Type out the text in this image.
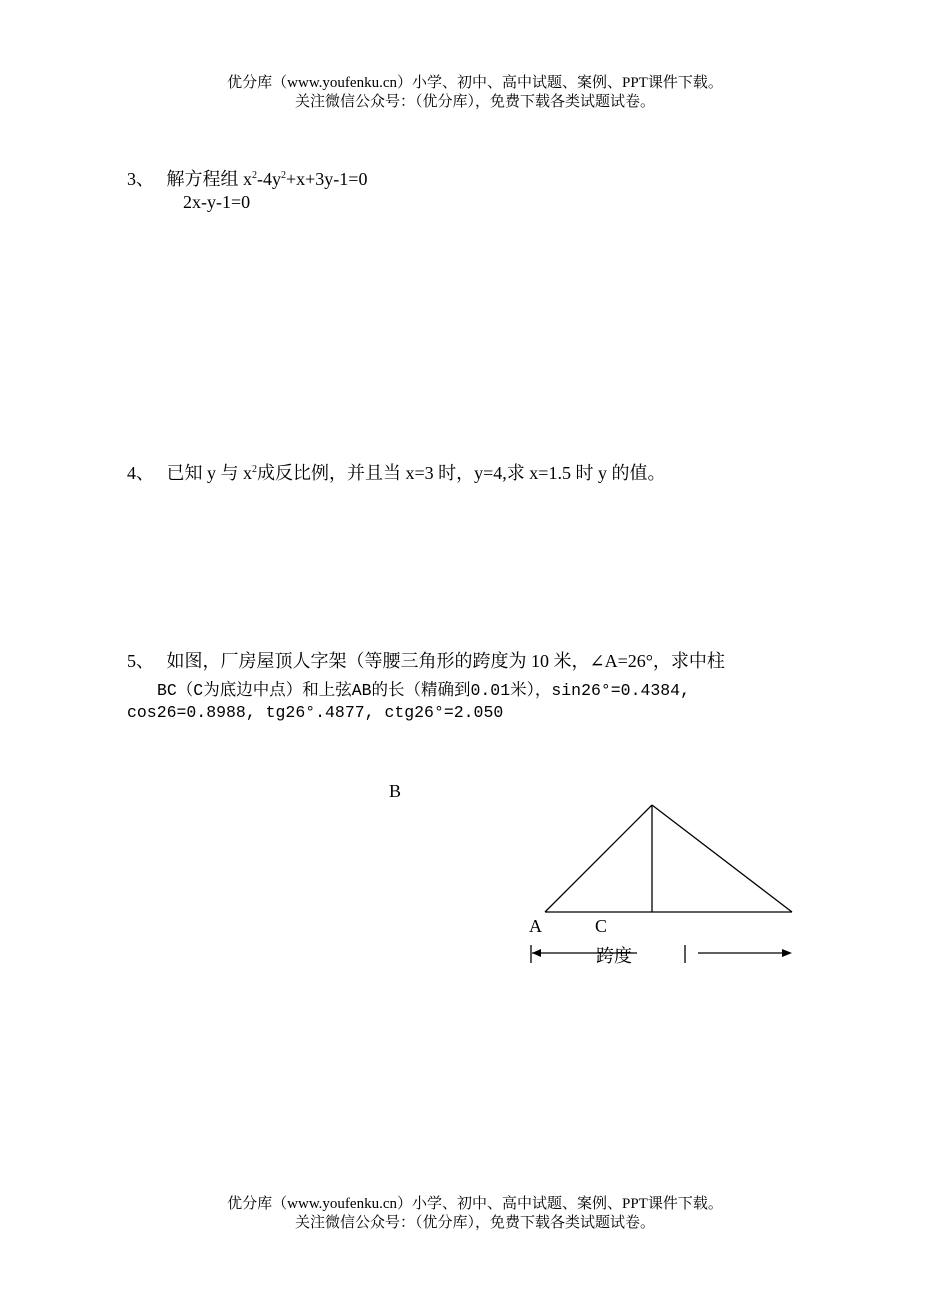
优分库（www.youfenku.cn）小学、初中、高中试题、案例、PPT课件下载。
关注微信公众号：（优分库），免费下载各类试题试卷。
3、 解方程组 $x^2-4y^2+x+3y-1=0$
2x-y-1=0
4、 已知 y 与 $x^2$成反比例，并且当 x=3 时，y=4,求 x=1.5 时 y 的值。
5、 如图，厂房屋顶人字架（等腰三角形的跨度为 10 米，∠A=26°，求中柱
BC（C为底边中点）和上弦AB的长（精确到0.01米），sin26°=0.4384,
cos26=0.8988, tg26°.4877, ctg26°=2.050
B
A	C
跨度
优分库（www.youfenku.cn）小学、初中、高中试题、案例、PPT课件下载。
关注微信公众号：（优分库），免费下载各类试题试卷。
